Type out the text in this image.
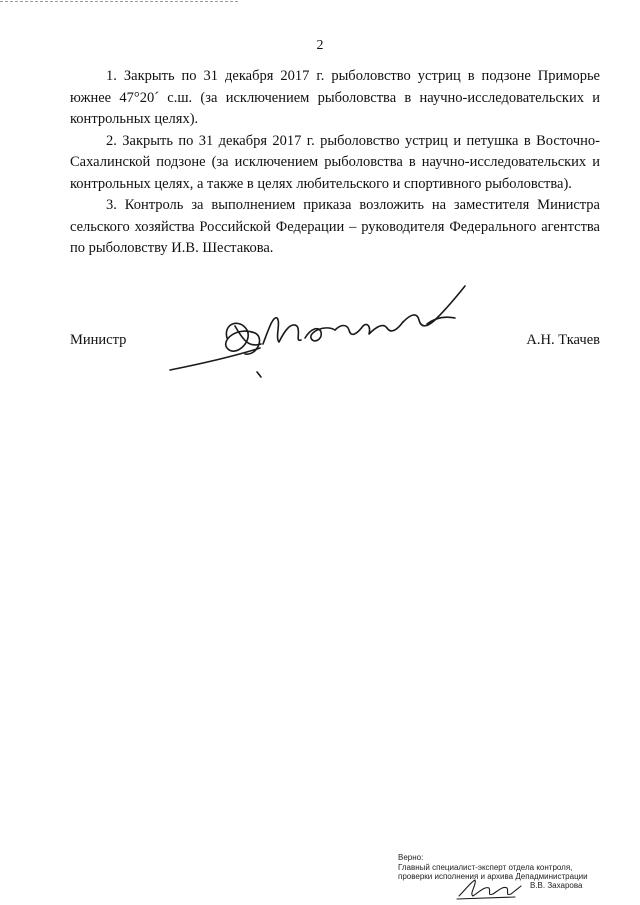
2

1. Закрыть по 31 декабря 2017 г. рыболовство устриц в подзоне Приморье южнее 47°20´ с.ш. (за исключением рыболовства в научно-исследовательских и контрольных целях).

2. Закрыть по 31 декабря 2017 г. рыболовство устриц и петушка в Восточно-Сахалинской подзоне (за исключением рыболовства в научно-исследовательских и контрольных целях, а также в целях любительского и спортивного рыболовства).

3. Контроль за выполнением приказа возложить на заместителя Министра сельского хозяйства Российской Федерации – руководителя Федерального агентства по рыболовству И.В. Шестакова.

Министр	А.Н. Ткачев
Верно:
Главный специалист-эксперт отдела контроля,
проверки исполнения и архива Депадминистрации
В.В. Захарова
